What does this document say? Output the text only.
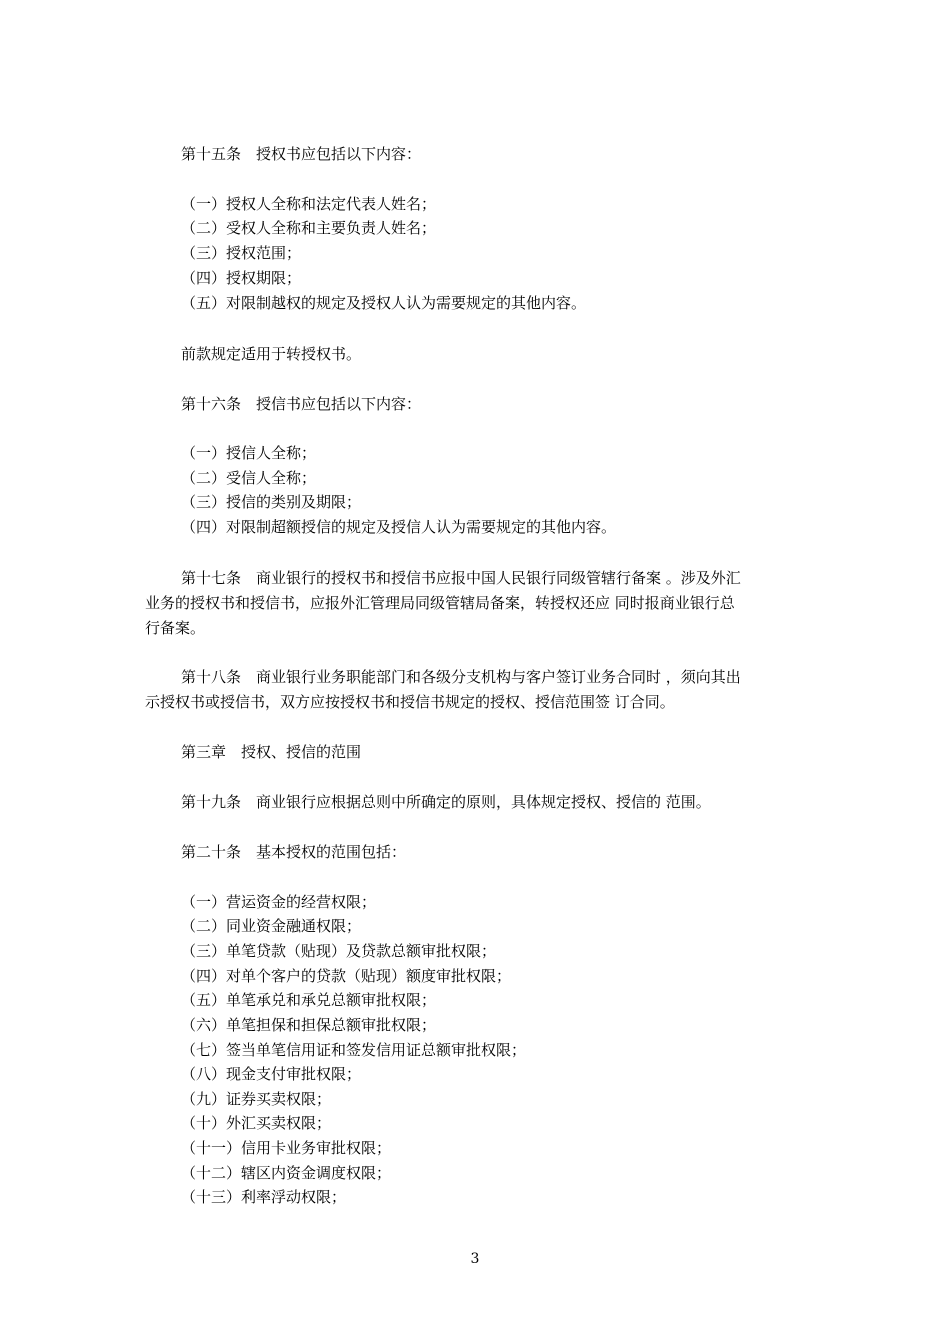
第十五条　授权书应包括以下内容：
（一）授权人全称和法定代表人姓名；
（二）受权人全称和主要负责人姓名；
（三）授权范围；
（四）授权期限；
（五）对限制越权的规定及授权人认为需要规定的其他内容。
前款规定适用于转授权书。
第十六条　授信书应包括以下内容：
（一）授信人全称；
（二）受信人全称；
（三）授信的类别及期限；
（四）对限制超额授信的规定及授信人认为需要规定的其他内容。
第十七条　商业银行的授权书和授信书应报中国人民银行同级管辖行备案 。涉及外汇
业务的授权书和授信书，应报外汇管理局同级管辖局备案，转授权还应 同时报商业银行总
行备案。
第十八条　商业银行业务职能部门和各级分支机构与客户签订业务合同时 ，须向其出
示授权书或授信书，双方应按授权书和授信书规定的授权、授信范围签 订合同。
第三章　授权、授信的范围
第十九条　商业银行应根据总则中所确定的原则，具体规定授权、授信的 范围。
第二十条　基本授权的范围包括：
（一）营运资金的经营权限；
（二）同业资金融通权限；
（三）单笔贷款（贴现）及贷款总额审批权限；
（四）对单个客户的贷款（贴现）额度审批权限；
（五）单笔承兑和承兑总额审批权限；
（六）单笔担保和担保总额审批权限；
（七）签当单笔信用证和签发信用证总额审批权限；
（八）现金支付审批权限；
（九）证券买卖权限；
（十）外汇买卖权限；
（十一）信用卡业务审批权限；
（十二）辖区内资金调度权限；
（十三）利率浮动权限；
3
